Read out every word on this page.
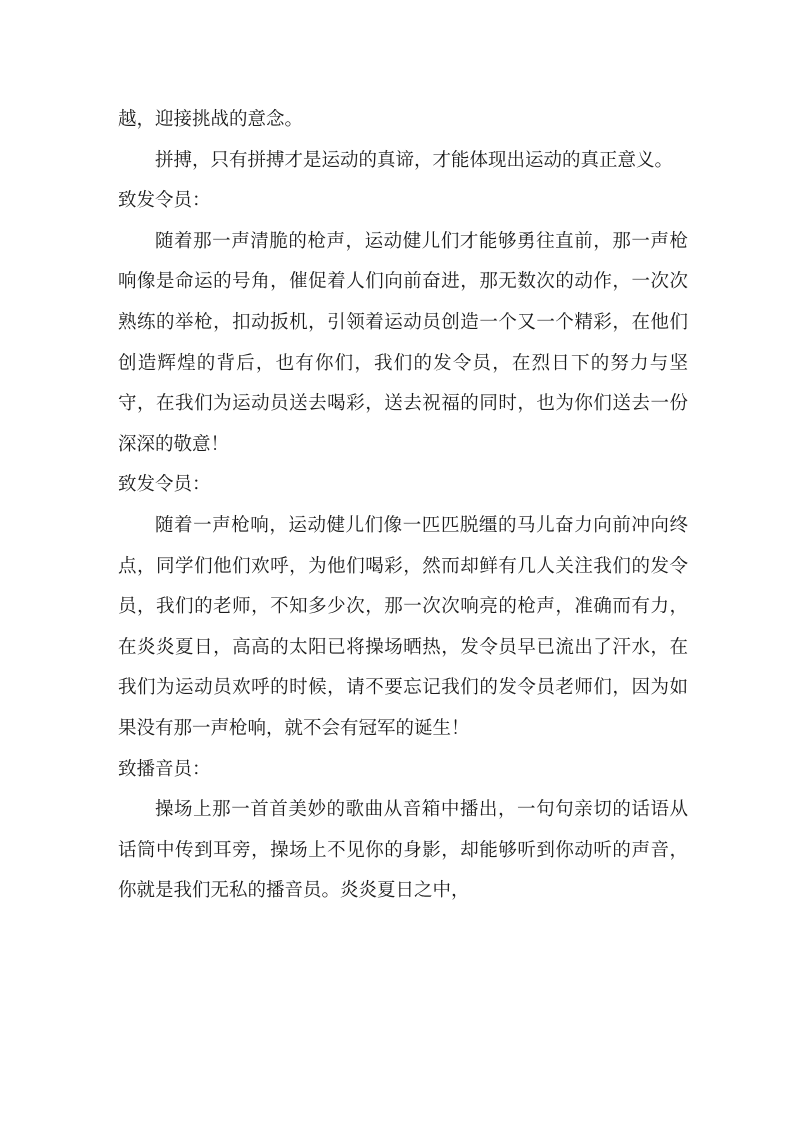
越，迎接挑战的意念。

拼搏，只有拼搏才是运动的真谛，才能体现出运动的真正意义。

致发令员：

随着那一声清脆的枪声，运动健儿们才能够勇往直前，那一声枪响像是命运的号角，催促着人们向前奋进，那无数次的动作，一次次熟练的举枪，扣动扳机，引领着运动员创造一个又一个精彩，在他们创造辉煌的背后，也有你们，我们的发令员，在烈日下的努力与坚守，在我们为运动员送去喝彩，送去祝福的同时，也为你们送去一份深深的敬意！

致发令员：

随着一声枪响，运动健儿们像一匹匹脱缰的马儿奋力向前冲向终点，同学们他们欢呼，为他们喝彩，然而却鲜有几人关注我们的发令员，我们的老师，不知多少次，那一次次响亮的枪声，准确而有力，在炎炎夏日，高高的太阳已将操场晒热，发令员早已流出了汗水，在我们为运动员欢呼的时候，请不要忘记我们的发令员老师们，因为如果没有那一声枪响，就不会有冠军的诞生！

致播音员：

操场上那一首首美妙的歌曲从音箱中播出，一句句亲切的话语从话筒中传到耳旁，操场上不见你的身影，却能够听到你动听的声音，你就是我们无私的播音员。炎炎夏日之中，
